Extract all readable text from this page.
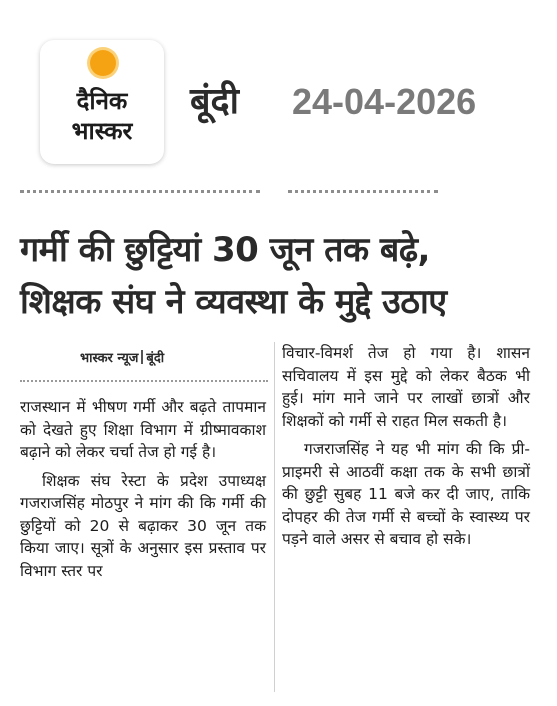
दैनिक
भास्कर
बूंदी 24-04-2026
गर्मी की छुट्टियां 30 जून तक बढ़े,
शिक्षक संघ ने व्यवस्था के मुद्दे उठाए
भास्कर न्यूज बूंदी

राजस्थान में भीषण गर्मी और बढ़ते तापमान को देखते हुए शिक्षा विभाग में ग्रीष्मावकाश बढ़ाने को लेकर चर्चा तेज हो गई है।

शिक्षक संघ रेस्टा के प्रदेश उपाध्यक्ष गजराजसिंह मोठपुर ने मांग की कि गर्मी की छुट्टियों को 20 से बढ़ाकर 30 जून तक किया जाए। सूत्रों के अनुसार इस प्रस्ताव पर विभाग स्तर पर

विचार-विमर्श तेज हो गया है। शासन सचिवालय में इस मुद्दे को लेकर बैठक भी हुई। मांग माने जाने पर लाखों छात्रों और शिक्षकों को गर्मी से राहत मिल सकती है।

गजराजसिंह ने यह भी मांग की कि प्री-प्राइमरी से आठवीं कक्षा तक के सभी छात्रों की छुट्टी सुबह 11 बजे कर दी जाए, ताकि दोपहर की तेज गर्मी से बच्चों के स्वास्थ्य पर पड़ने वाले असर से बचाव हो सके।
